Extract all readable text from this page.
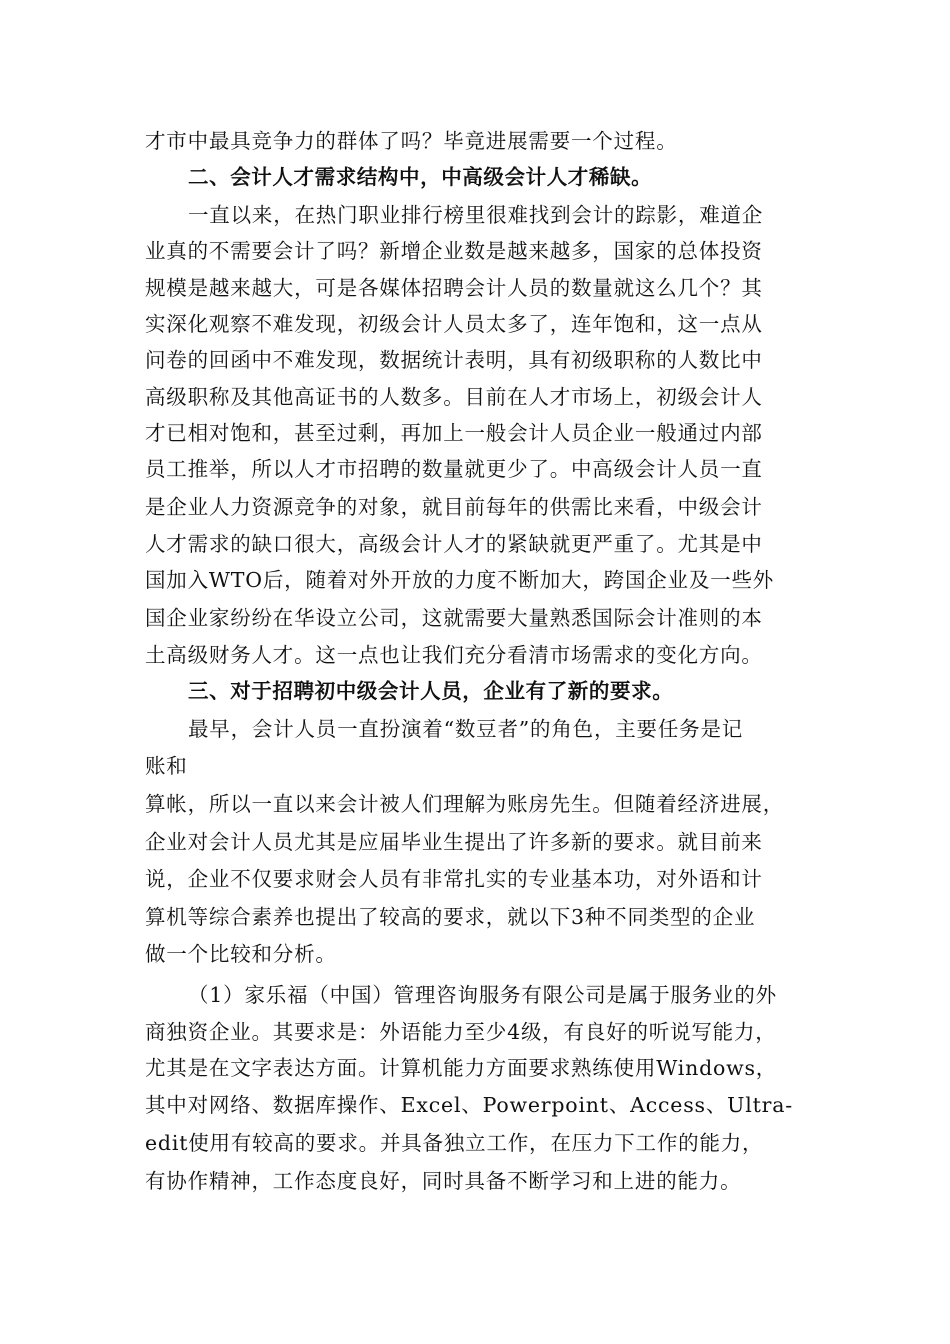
才市中最具竞争力的群体了吗？毕竟进展需要一个过程。
二、会计人才需求结构中，中高级会计人才稀缺。
一直以来，在热门职业排行榜里很难找到会计的踪影，难道企
业真的不需要会计了吗？新增企业数是越来越多，国家的总体投资
规模是越来越大，可是各媒体招聘会计人员的数量就这么几个？其
实深化观察不难发现，初级会计人员太多了，连年饱和，这一点从
问卷的回函中不难发现，数据统计表明，具有初级职称的人数比中
高级职称及其他高证书的人数多。目前在人才市场上，初级会计人
才已相对饱和，甚至过剩，再加上一般会计人员企业一般通过内部
员工推举，所以人才市招聘的数量就更少了。中高级会计人员一直
是企业人力资源竞争的对象，就目前每年的供需比来看，中级会计
人才需求的缺口很大，高级会计人才的紧缺就更严重了。尤其是中
国加入WTO后，随着对外开放的力度不断加大，跨国企业及一些外
国企业家纷纷在华设立公司，这就需要大量熟悉国际会计准则的本
土高级财务人才。这一点也让我们充分看清市场需求的变化方向。
三、对于招聘初中级会计人员，企业有了新的要求。
最早，会计人员一直扮演着“数豆者”的角色，主要任务是记
账和
算帐，所以一直以来会计被人们理解为账房先生。但随着经济进展，
企业对会计人员尤其是应届毕业生提出了许多新的要求。就目前来
说，企业不仅要求财会人员有非常扎实的专业基本功，对外语和计
算机等综合素养也提出了较高的要求，就以下3种不同类型的企业
做一个比较和分析。
（1）家乐福（中国）管理咨询服务有限公司是属于服务业的外
商独资企业。其要求是：外语能力至少4级，有良好的听说写能力，
尤其是在文字表达方面。计算机能力方面要求熟练使用Windows，
其中对网络、数据库操作、Excel、Powerpoint、Access、Ultra-
edit使用有较高的要求。并具备独立工作，在压力下工作的能力，
有协作精神，工作态度良好，同时具备不断学习和上进的能力。
